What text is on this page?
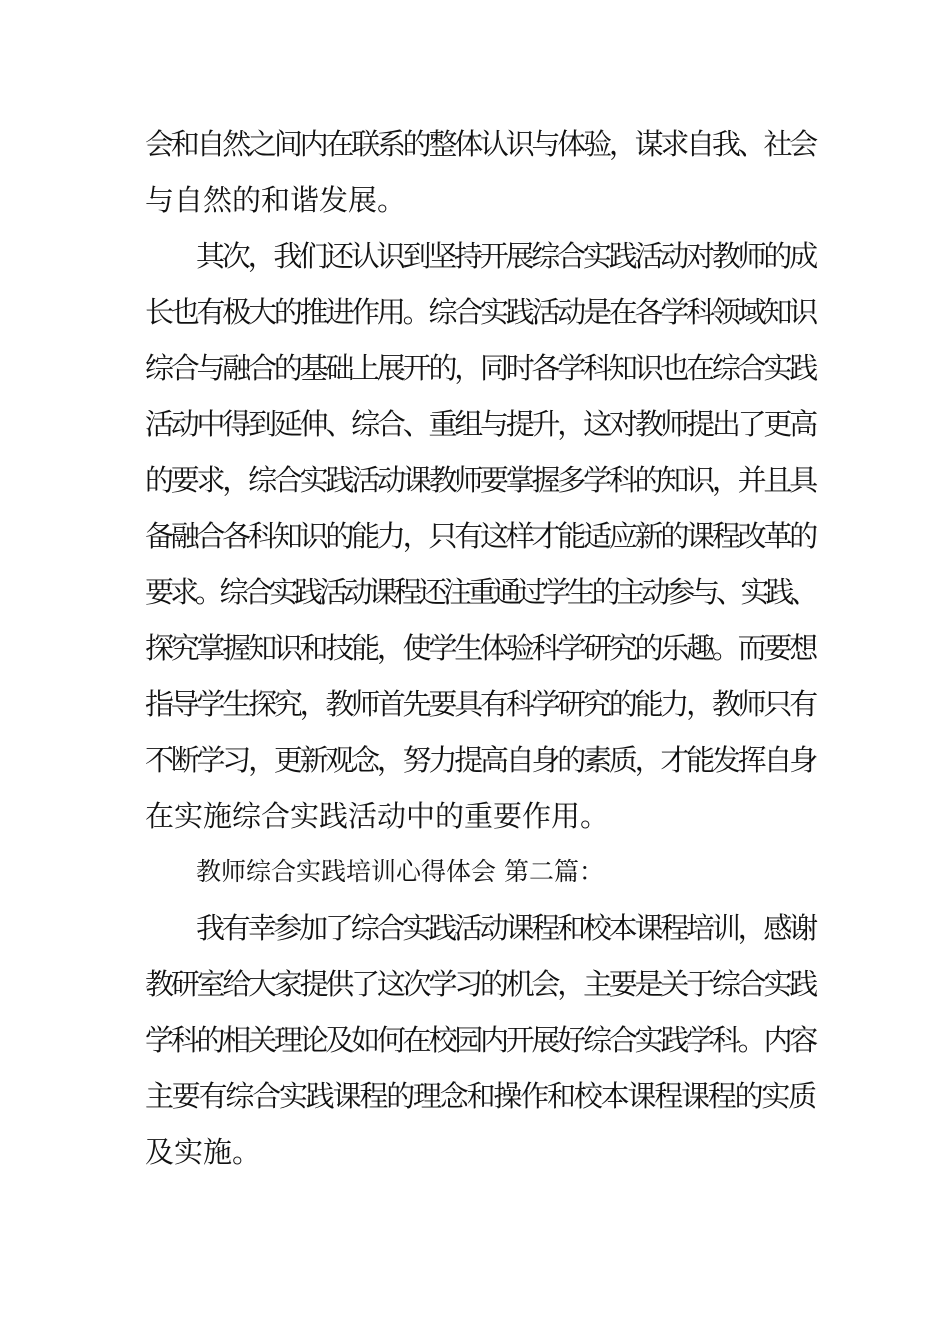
会和自然之间内在联系的整体认识与体验，谋求自我、社会
与自然的和谐发展。
其次，我们还认识到坚持开展综合实践活动对教师的成
长也有极大的推进作用。综合实践活动是在各学科领域知识
综合与融合的基础上展开的，同时各学科知识也在综合实践
活动中得到延伸、综合、重组与提升，这对教师提出了更高
的要求，综合实践活动课教师要掌握多学科的知识，并且具
备融合各科知识的能力，只有这样才能适应新的课程改革的
要求。综合实践活动课程还注重通过学生的主动参与、实践、
探究掌握知识和技能，使学生体验科学研究的乐趣。而要想
指导学生探究，教师首先要具有科学研究的能力，教师只有
不断学习，更新观念，努力提高自身的素质，才能发挥自身
在实施综合实践活动中的重要作用。
教师综合实践培训心得体会 第二篇：
我有幸参加了综合实践活动课程和校本课程培训，感谢
教研室给大家提供了这次学习的机会，主要是关于综合实践
学科的相关理论及如何在校园内开展好综合实践学科。内容
主要有综合实践课程的理念和操作和校本课程课程的实质
及实施。
